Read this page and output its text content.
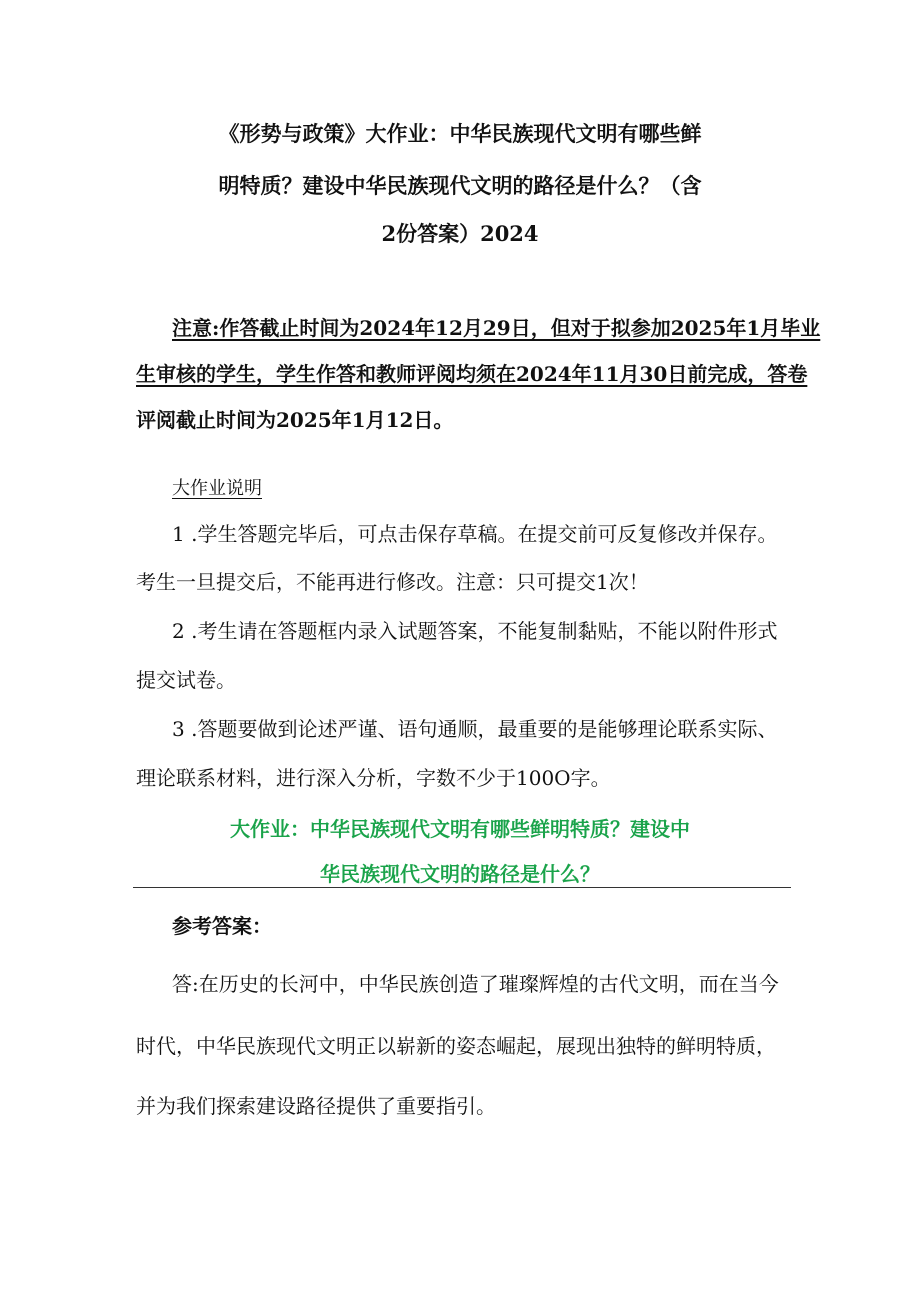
《形势与政策》大作业：中华民族现代文明有哪些鲜
明特质？建设中华民族现代文明的路径是什么？（含
2份答案）2024
注意:作答截止时间为2024年12月29日，但对于拟参加2025年1月毕业
生审核的学生，学生作答和教师评阅均须在2024年11月30日前完成，答卷
评阅截止时间为2025年1月12日。
大作业说明
1 .学生答题完毕后，可点击保存草稿。在提交前可反复修改并保存。
考生一旦提交后，不能再进行修改。注意：只可提交1次！
2 .考生请在答题框内录入试题答案，不能复制黏贴，不能以附件形式
提交试卷。
3 .答题要做到论述严谨、语句通顺，最重要的是能够理论联系实际、
理论联系材料，进行深入分析，字数不少于100O字。
大作业：中华民族现代文明有哪些鲜明特质？建设中
华民族现代文明的路径是什么？
参考答案：
答:在历史的长河中，中华民族创造了璀璨辉煌的古代文明，而在当今
时代，中华民族现代文明正以崭新的姿态崛起，展现出独特的鲜明特质，
并为我们探索建设路径提供了重要指引。
